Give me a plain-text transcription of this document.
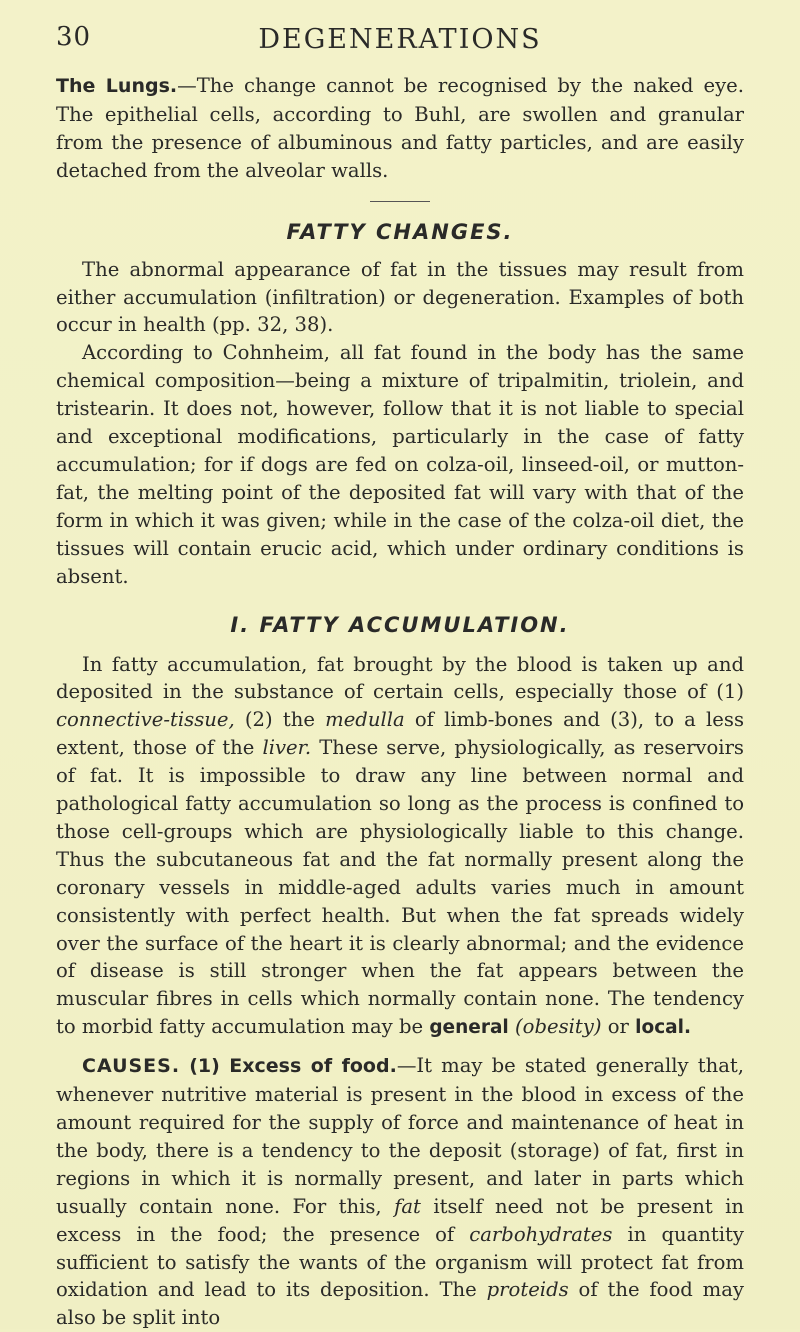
30	DEGENERATIONS

The Lungs.—The change cannot be recognised by the naked eye. The epithelial cells, according to Buhl, are swollen and granular from the presence of albuminous and fatty particles, and are easily detached from the alveolar walls.

FATTY CHANGES.

The abnormal appearance of fat in the tissues may result from either accumulation (infiltration) or degeneration. Examples of both occur in health (pp. 32, 38).

According to Cohnheim, all fat found in the body has the same chemical composition—being a mixture of tripalmitin, triolein, and tristearin. It does not, however, follow that it is not liable to special and exceptional modifications, particularly in the case of fatty accumulation; for if dogs are fed on colza-oil, linseed-oil, or mutton-fat, the melting point of the deposited fat will vary with that of the form in which it was given; while in the case of the colza-oil diet, the tissues will contain erucic acid, which under ordinary conditions is absent.

I. FATTY ACCUMULATION.

In fatty accumulation, fat brought by the blood is taken up and deposited in the substance of certain cells, especially those of (1) connective-tissue, (2) the medulla of limb-bones and (3), to a less extent, those of the liver. These serve, physiologically, as reservoirs of fat. It is impossible to draw any line between normal and pathological fatty accumulation so long as the process is confined to those cell-groups which are physiologically liable to this change. Thus the subcutaneous fat and the fat normally present along the coronary vessels in middle-aged adults varies much in amount consistently with perfect health. But when the fat spreads widely over the surface of the heart it is clearly abnormal; and the evidence of disease is still stronger when the fat appears between the muscular fibres in cells which normally contain none. The tendency to morbid fatty accumulation may be general (obesity) or local.

CAUSES. (1) Excess of food.—It may be stated generally that, whenever nutritive material is present in the blood in excess of the amount required for the supply of force and maintenance of heat in the body, there is a tendency to the deposit (storage) of fat, first in regions in which it is normally present, and later in parts which usually contain none. For this, fat itself need not be present in excess in the food; the presence of carbohydrates in quantity sufficient to satisfy the wants of the organism will protect fat from oxidation and lead to its deposition. The proteids of the food may also be split into
